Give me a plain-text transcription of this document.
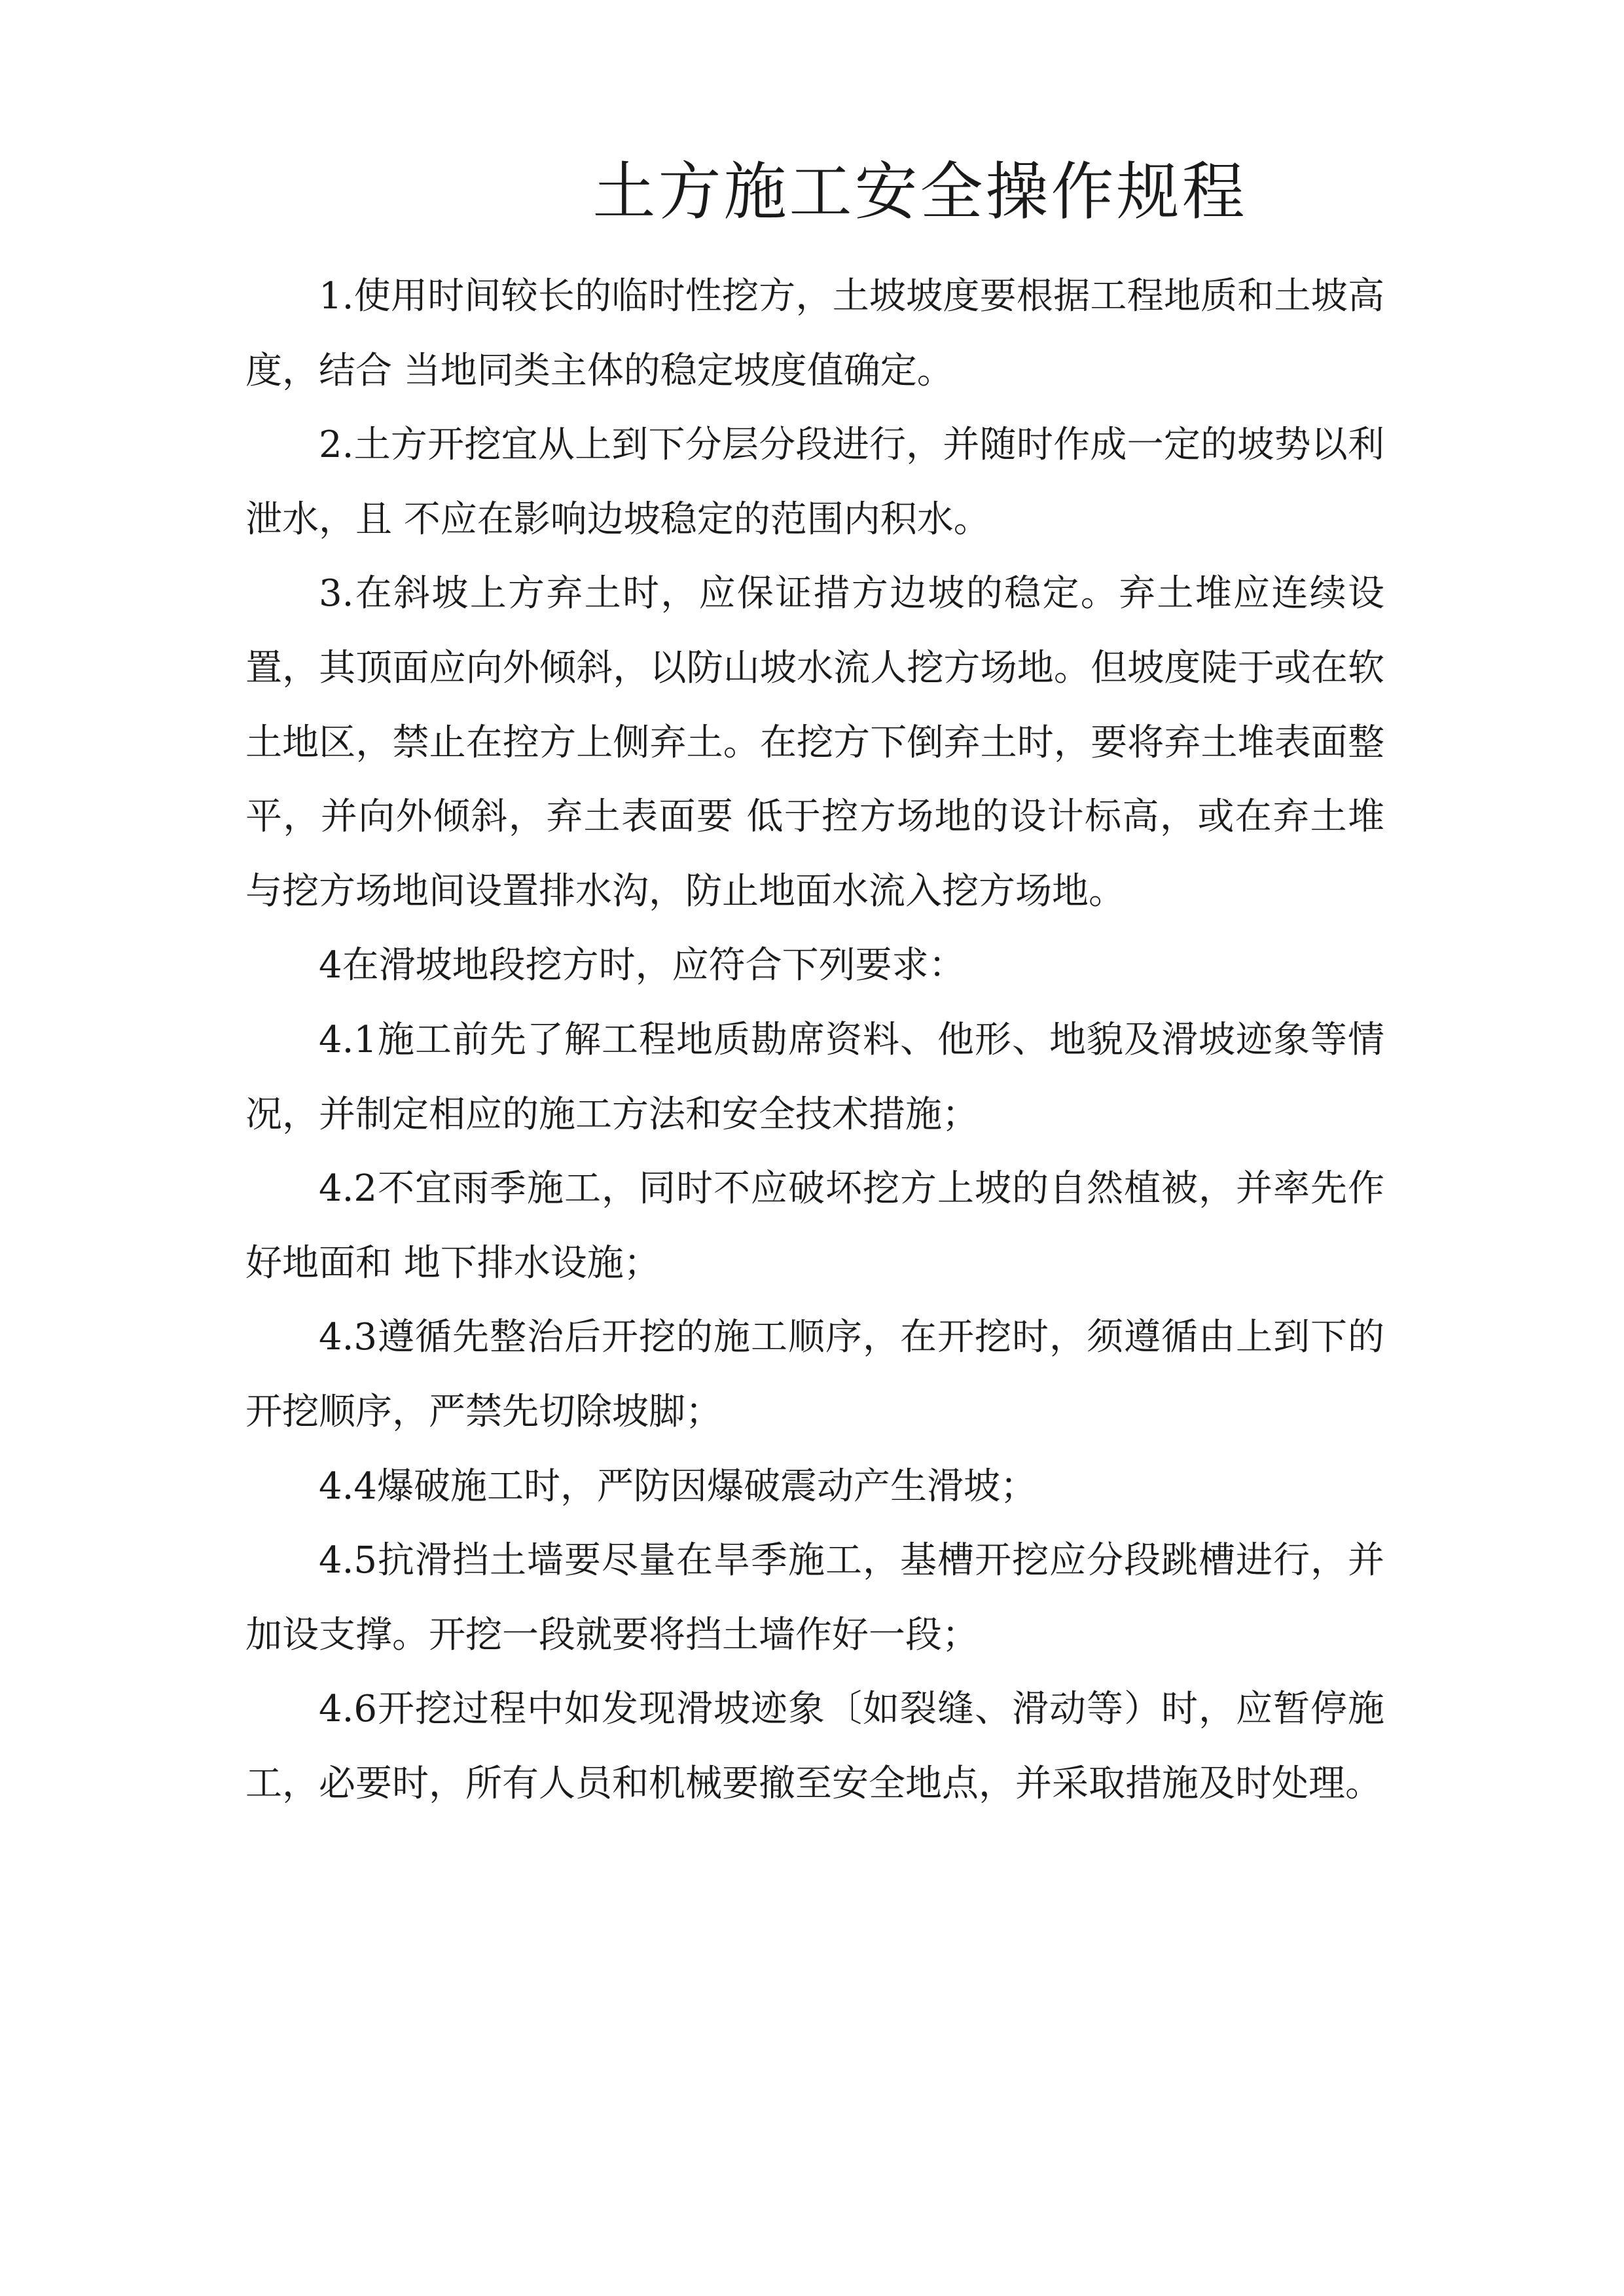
土方施工安全操作规程

1.使用时间较长的临时性挖方，土坡坡度要根据工程地质和土坡高度，结合 当地同类主体的稳定坡度值确定。

2.土方开挖宜从上到下分层分段进行，并随时作成一定的坡势以利泄水，且 不应在影响边坡稳定的范围内积水。

3.在斜坡上方弃土时，应保证措方边坡的稳定。弃土堆应连续设置，其顶面应向外倾斜，以防山坡水流人挖方场地。但坡度陡于或在软土地区，禁止在控方上侧弃土。在挖方下倒弃土时，要将弃土堆表面整平，并向外倾斜，弃土表面要 低于控方场地的设计标高，或在弃土堆与挖方场地间设置排水沟，防止地面水流入挖方场地。

4在滑坡地段挖方时，应符合下列要求：

4.1施工前先了解工程地质勘席资料、他形、地貌及滑坡迹象等情况，并制定相应的施工方法和安全技术措施；

4.2不宜雨季施工，同时不应破坏挖方上坡的自然植被，并率先作好地面和 地下排水设施；

4.3遵循先整治后开挖的施工顺序，在开挖时，须遵循由上到下的开挖顺序，严禁先切除坡脚；

4.4爆破施工时，严防因爆破震动产生滑坡；

4.5抗滑挡土墙要尽量在旱季施工，基槽开挖应分段跳槽进行，并加设支撑。开挖一段就要将挡土墙作好一段；

4.6开挖过程中如发现滑坡迹象〔如裂缝、滑动等）时，应暂停施工，必要时，所有人员和机械要撤至安全地点，并采取措施及时处理。
